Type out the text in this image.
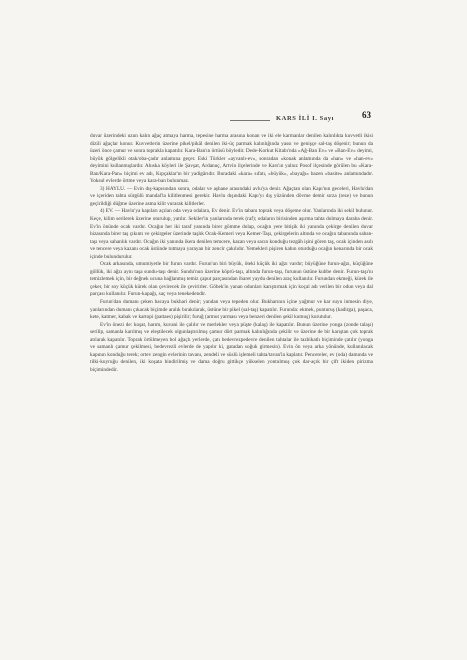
KARS İLİ I. Sayı	63

duvar üzerindeki uzun kalın ağaç atmaya harma, tepesine harma arasına konan ve iki ele karmanlar denilen kalınlıkta kuvvetli ikisi dizili ağaçlar konur. Kuvvetlerin üzerine pikel/pikâl denilen iki-üç parmak kalınlığında yassı ve genişçe sal-taş döşenir; bunun da üzeri önce çamur ve sonra toprakla kapatılır. Kara-Ban'ın örtüsü böyledir. Dede-Korkut Kitabı'nda «Ağ-Ban Ev» ve «Ban-Ev» deyimi, büyük gölgelikli otak/oba-çadır anlamına geçer. Eski Türkler «ayvanlı-ev», sonradan «konak anlamında da «han» ve «han-ev» deyimini kullanmışlardır. Ahıska köyleri ile Şavşat, Ardanuç, Artvin ilçelerinde ve Kars'ın yalnız Posof ilçesinde görülen bu «Kara-Ban/Kara-Pan» biçimi ev adı, Kıpçaklar'ın bir yadigârıdır. Buradaki «kara» sıfatı, «büyük», «bayağı» bazen «basite» anlamındadır. Yoksul evlerde örtme veya kara-ban bulunmaz.

3) HAYLU. — Evin dış-kapısından sonra, odalar ve aşhane arasındaki avlu'ya denir. Ağaçtan olan Kapı'nın geceleri, Havlu'dan ve içeriden tahta sürgülü mandal'la kilitlenmesi gerekir. Havlu dışındaki Kapı'yı dış yüzünden dövme demir sırza (reze) ve bunun geçirildiği düğme üzerine asma kilit vurarak kilitlerler.

4) EV. — Havlu'ya kapıları açılan oda veya odalara, Ev denir. Ev'in tabanı toprak veya döşeme olur. Yanlarında iki sekil bulunur. Keçe, kilim serilerek üzerine oturulup, yatılır. Sekiler'in yanlarında terek (raf); odaların birisinden aşırma tahta dolmaya daraba denir. Ev'in önünde ocak vardır. Ocağın her iki taraf yanında birer gömme dolap, ocağın yere bitişik iki yanında çekirge denilen duvar hizasında birer taş çıkıntı ve çekirgeler üzerinde taşlık Ocak-Kemeri veya Kemer-Taşı, çekirgelerin altında ve ocağın tabanında saban-taşı veya sahanlık vardır. Ocağın iki yanında ikera denilen temcere, kazan veya sacın konduğu tezgâh işini gören taş, ocak içinden asılı ve tencere veya kazanı ocak üstünde tutmaya yarayan bir zencir çakılıdır. Yemekleri pişiren kabın oturduğu ocağın kenarında bir ocak içinde bulundurulur.

Ocak arkasında, umumiyetle bir furun vardır. Furun'un biri büyük, öteki küçük iki ağzı vardır; büyüğüne furun-ağzı, küçüğüne göllük, iki ağzı aynı taşa sundu-taşı denir. Sundu'nun üzerine köprü-taşı, altında furun-taşı, furunun üstüne kubbe denir. Furun-taşı'nı temizlemek için, bir değnek ucuna bağlanmış temiz çaput parçasından ibaret yaydu denilen araç kullanılır. Furundan ekmeği, kürek ile çeker, bir soy küçük kürek olan çevirecek ile çevirirler. Göbek'in yanan odunları karıştırmak için koçal adı verilen bir odun veya dal parçası kullanılır. Furun-kapağı, saç veya tenekedendir.

Furun'dan dumanı çeken bacaya bukhari denir; yandan veya tepeden olur. Bukharının içine yağmur ve kar suyu inmesin diye, yanlarından dumanı çıkacak biçimde aralık bırakılarak, üstüne bir pikel (sal-taş) kapatılır. Furunda: ekmek, punturuş (kadirga), paşaca, kete, katmer, kabak ve kartopi (pattaes) pişirilir; furuğ (armut yarması veya benzeri denilen şekil kumuş) kurutulur.

Ev'in önezi de: koşat, harım, kuvani ile çalılır ve merlekler veya püşte (kalaş) ile kapatılır. Bunun üzerine yonga (zonde talaşı) serilip, samanla karılmış ve eleştilecek olgunlaştırılmış çamur dört parmak kalınlığında çekilir ve üzerine de bir karıştan çok toprak atılarak kapatılır. Toprak örtülmeyen bol ağaçlı yerlerde, çatı bedevrezpedevre denilen tahtalar ile tazbikatlı biçiminde çatılır (yonga ve samanlı çamur çekilmesi, bedevrezli evlerde de yapılır ki, gatadan soğuk girmesin). Evin ön veya arka yönünde, kullanılacak kapının konduğu terek; ortev zengin evlerinin tavanı, zendeli ve süslü işlemeli tahta/tavan'la kaplatır. Pencereler, ev (oda) damında ve tilki-kuyruğu denilen, iki koşata bindirilmiş ve dama doğru gittikçe yükselen yontulmuş çok dar-açık bir çift ikiden pirizma biçimindedir.
